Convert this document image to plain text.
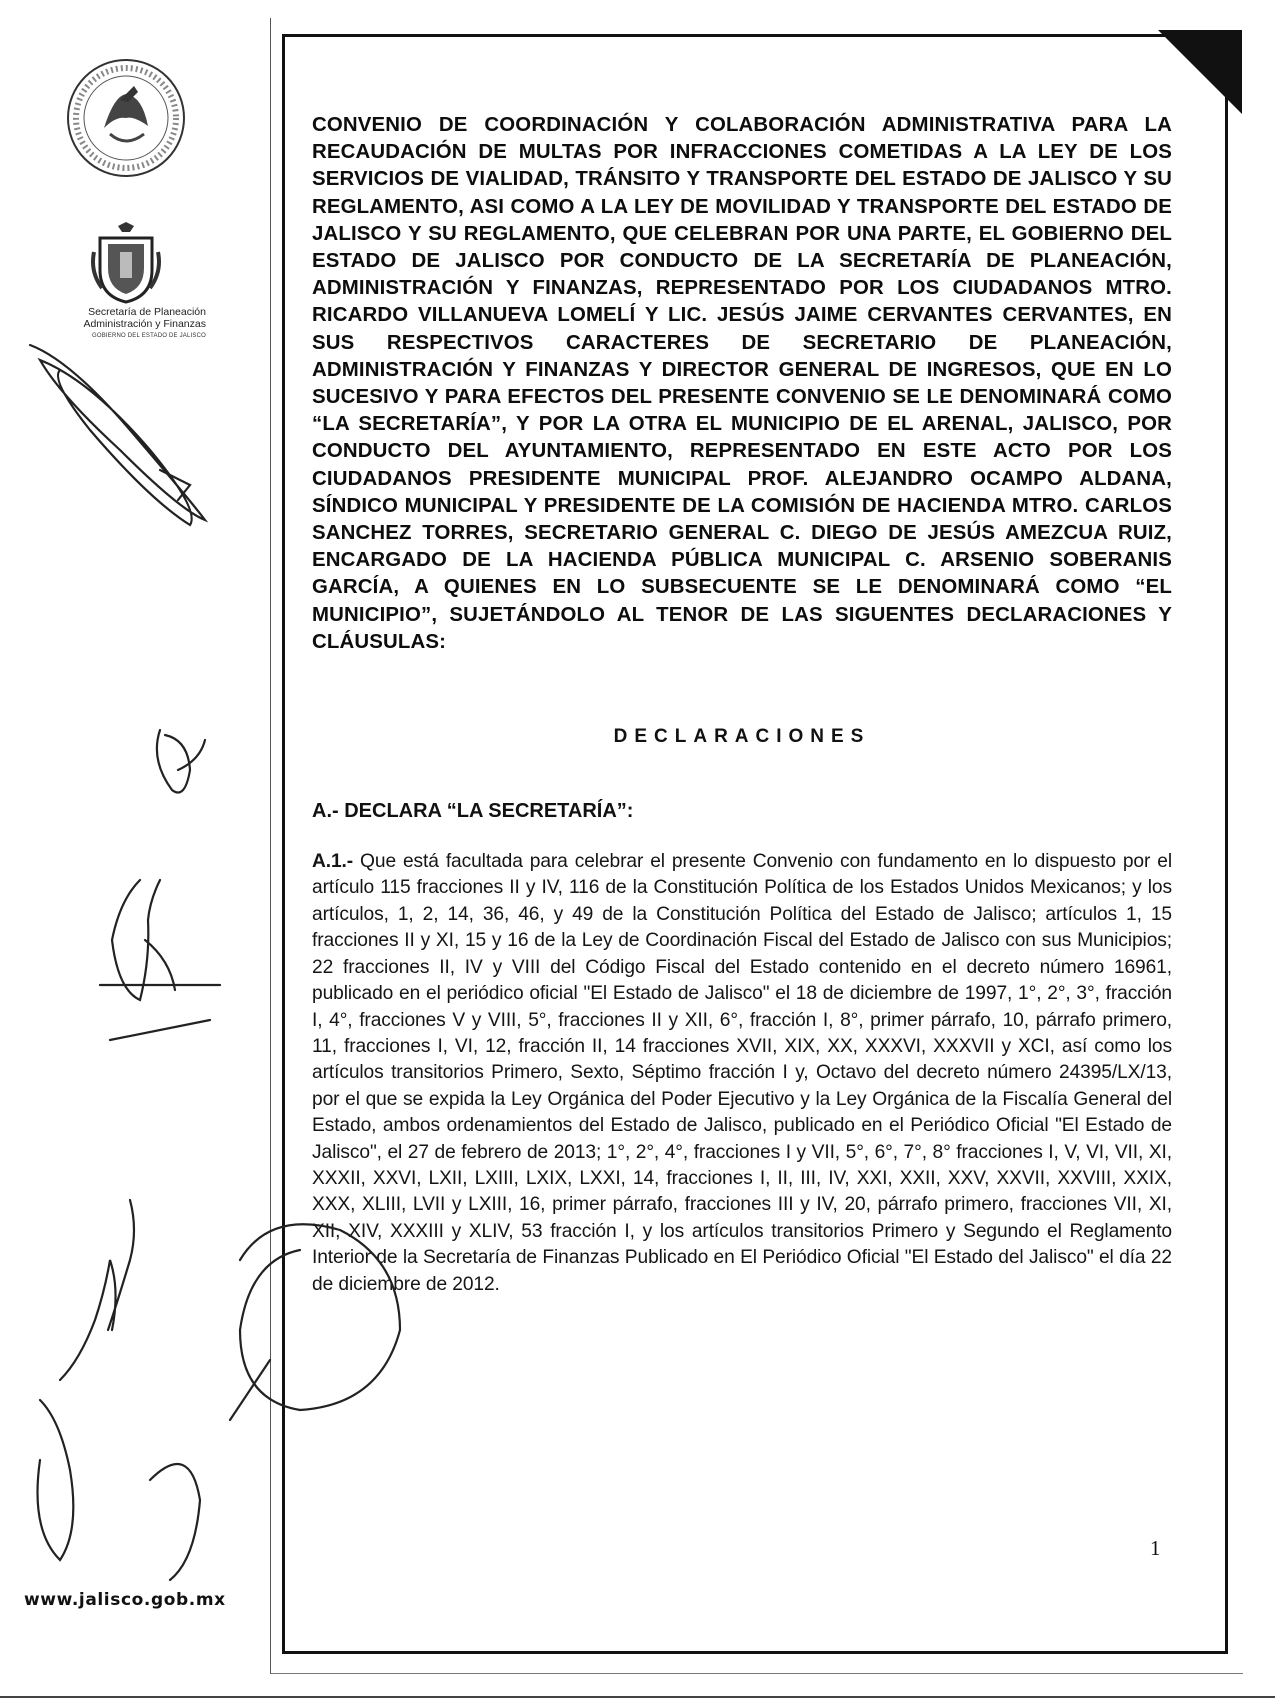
Secretaría de Planeación
Administración y Finanzas
GOBIERNO DEL ESTADO DE JALISCO
www.jalisco.gob.mx

CONVENIO DE COORDINACIÓN Y COLABORACIÓN ADMINISTRATIVA PARA LA RECAUDACIÓN DE MULTAS POR INFRACCIONES COMETIDAS A LA LEY DE LOS SERVICIOS DE VIALIDAD, TRÁNSITO Y TRANSPORTE DEL ESTADO DE JALISCO Y SU REGLAMENTO, ASI COMO A LA LEY DE MOVILIDAD Y TRANSPORTE DEL ESTADO DE JALISCO Y SU REGLAMENTO, QUE CELEBRAN POR UNA PARTE, EL GOBIERNO DEL ESTADO DE JALISCO POR CONDUCTO DE LA SECRETARÍA DE PLANEACIÓN, ADMINISTRACIÓN Y FINANZAS, REPRESENTADO POR LOS CIUDADANOS MTRO. RICARDO VILLANUEVA LOMELÍ Y LIC. JESÚS JAIME CERVANTES CERVANTES, EN SUS RESPECTIVOS CARACTERES DE SECRETARIO DE PLANEACIÓN, ADMINISTRACIÓN Y FINANZAS Y DIRECTOR GENERAL DE INGRESOS, QUE EN LO SUCESIVO Y PARA EFECTOS DEL PRESENTE CONVENIO SE LE DENOMINARÁ COMO “LA SECRETARÍA”, Y POR LA OTRA EL MUNICIPIO DE EL ARENAL, JALISCO, POR CONDUCTO DEL AYUNTAMIENTO, REPRESENTADO EN ESTE ACTO POR LOS CIUDADANOS PRESIDENTE MUNICIPAL PROF. ALEJANDRO OCAMPO ALDANA, SÍNDICO MUNICIPAL Y PRESIDENTE DE LA COMISIÓN DE HACIENDA MTRO. CARLOS SANCHEZ TORRES, SECRETARIO GENERAL C. DIEGO DE JESÚS AMEZCUA RUIZ, ENCARGADO DE LA HACIENDA PÚBLICA MUNICIPAL C. ARSENIO SOBERANIS GARCÍA, A QUIENES EN LO SUBSECUENTE SE LE DENOMINARÁ COMO “EL MUNICIPIO”, SUJETÁNDOLO AL TENOR DE LAS SIGUENTES DECLARACIONES Y CLÁUSULAS:

DECLARACIONES
A.- DECLARA “LA SECRETARÍA”:

A.1.- Que está facultada para celebrar el presente Convenio con fundamento en lo dispuesto por el artículo 115 fracciones II y IV, 116 de la Constitución Política de los Estados Unidos Mexicanos; y los artículos, 1, 2, 14, 36, 46, y 49 de la Constitución Política del Estado de Jalisco; artículos 1, 15 fracciones II y XI, 15 y 16 de la Ley de Coordinación Fiscal del Estado de Jalisco con sus Municipios; 22 fracciones II, IV y VIII del Código Fiscal del Estado contenido en el decreto número 16961, publicado en el periódico oficial "El Estado de Jalisco" el 18 de diciembre de 1997, 1°, 2°, 3°, fracción I, 4°, fracciones V y VIII, 5°, fracciones II y XII, 6°, fracción I, 8°, primer párrafo, 10, párrafo primero, 11, fracciones I, VI, 12, fracción II, 14 fracciones XVII, XIX, XX, XXXVI, XXXVII y XCI, así como los artículos transitorios Primero, Sexto, Séptimo fracción I y, Octavo del decreto número 24395/LX/13, por el que se expida la Ley Orgánica del Poder Ejecutivo y la Ley Orgánica de la Fiscalía General del Estado, ambos ordenamientos del Estado de Jalisco, publicado en el Periódico Oficial "El Estado de Jalisco", el 27 de febrero de 2013; 1°, 2°, 4°, fracciones I y VII, 5°, 6°, 7°, 8° fracciones I, V, VI, VII, XI, XXXII, XXVI, LXII, LXIII, LXIX, LXXI, 14, fracciones I, II, III, IV, XXI, XXII, XXV, XXVII, XXVIII, XXIX, XXX, XLIII, LVII y LXIII, 16, primer párrafo, fracciones III y IV, 20, párrafo primero, fracciones VII, XI, XII, XIV, XXXIII y XLIV, 53 fracción I, y los artículos transitorios Primero y Segundo el Reglamento Interior de la Secretaría de Finanzas Publicado en El Periódico Oficial "El Estado del Jalisco" el día 22 de diciembre de 2012.

1
